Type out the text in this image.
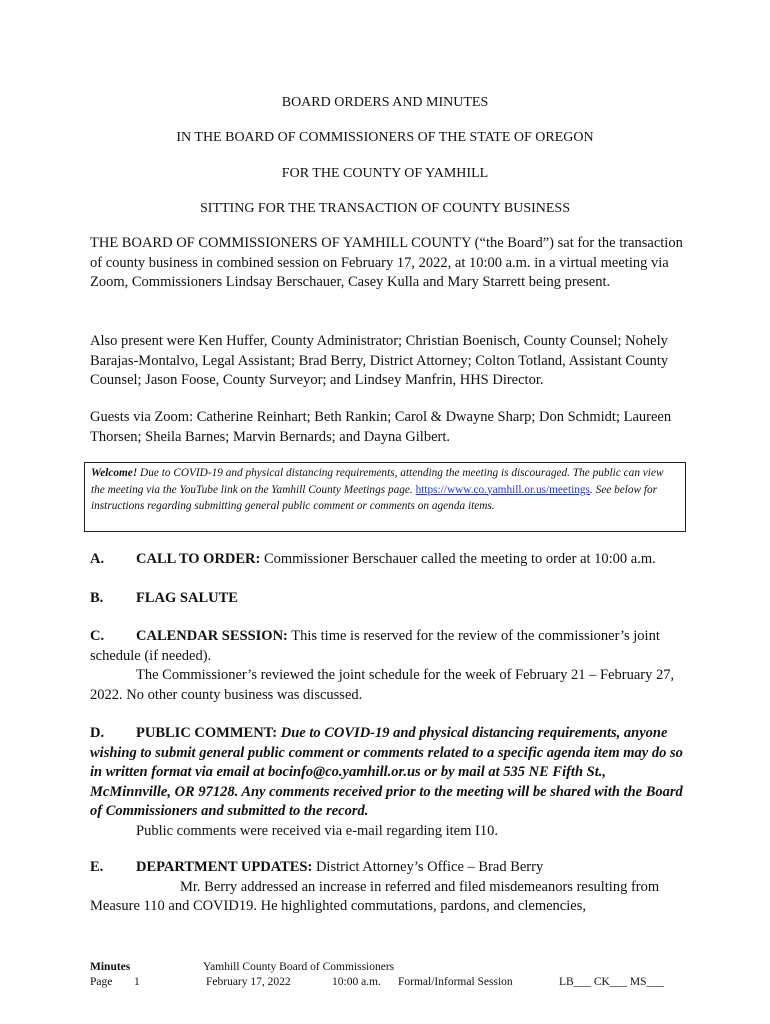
BOARD ORDERS AND MINUTES
IN THE BOARD OF COMMISSIONERS OF THE STATE OF OREGON
FOR THE COUNTY OF YAMHILL
SITTING FOR THE TRANSACTION OF COUNTY BUSINESS

THE BOARD OF COMMISSIONERS OF YAMHILL COUNTY (“the Board”) sat for the transaction of county business in combined session on February 17, 2022, at 10:00 a.m. in a virtual meeting via Zoom, Commissioners Lindsay Berschauer, Casey Kulla and Mary Starrett being present.

Also present were Ken Huffer, County Administrator; Christian Boenisch, County Counsel; Nohely Barajas-Montalvo, Legal Assistant; Brad Berry, District Attorney; Colton Totland, Assistant County Counsel; Jason Foose, County Surveyor; and Lindsey Manfrin, HHS Director.

Guests via Zoom: Catherine Reinhart; Beth Rankin; Carol & Dwayne Sharp; Don Schmidt; Laureen Thorsen; Sheila Barnes; Marvin Bernards; and Dayna Gilbert.

Welcome! Due to COVID-19 and physical distancing requirements, attending the meeting is discouraged. The public can view the meeting via the YouTube link on the Yamhill County Meetings page. https://www.co.yamhill.or.us/meetings. See below for instructions regarding submitting general public comment or comments on agenda items.
A. CALL TO ORDER: Commissioner Berschauer called the meeting to order at 10:00 a.m.
B. FLAG SALUTE
C. CALENDAR SESSION: This time is reserved for the review of the commissioner’s joint schedule (if needed).
The Commissioner’s reviewed the joint schedule for the week of February 21 – February 27, 2022. No other county business was discussed.
D. PUBLIC COMMENT: Due to COVID-19 and physical distancing requirements, anyone wishing to submit general public comment or comments related to a specific agenda item may do so in written format via email at bocinfo@co.yamhill.or.us or by mail at 535 NE Fifth St., McMinnville, OR 97128. Any comments received prior to the meeting will be shared with the Board of Commissioners and submitted to the record.
Public comments were received via e-mail regarding item I10.
E. DEPARTMENT UPDATES: District Attorney’s Office – Brad Berry
Mr. Berry addressed an increase in referred and filed misdemeanors resulting from Measure 110 and COVID19. He highlighted commutations, pardons, and clemencies,
Minutes
Page 1
Yamhill County Board of Commissioners
February 17, 2022	10:00 a.m. Formal/Informal Session	LB___ CK___ MS___
